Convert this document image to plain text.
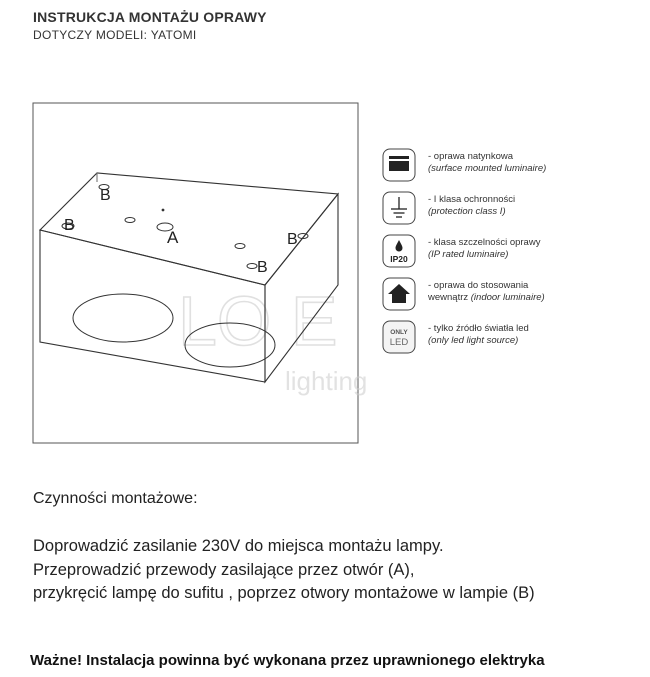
INSTRUKCJA MONTAŻU OPRAWY
DOTYCZY MODELI: YATOMI
LO E
lighting
B
B
A	B
B
- oprawa natynkowa
(surface mounted luminaire)
- I klasa ochronności
(protection class I)
IP20
- klasa szczelności oprawy
(IP rated luminaire)
- oprawa do stosowania
wewnątrz (indoor luminaire)
ONLY
LED
- tylko źródło światła led
(only led light source)
Czynności montażowe:
Doprowadzić zasilanie 230V do miejsca montażu lampy.
Przeprowadzić przewody zasilające przez otwór (A),
przykręcić lampę do sufitu , poprzez otwory montażowe w lampie (B)
Ważne! Instalacja powinna być wykonana przez uprawnionego elektryka
